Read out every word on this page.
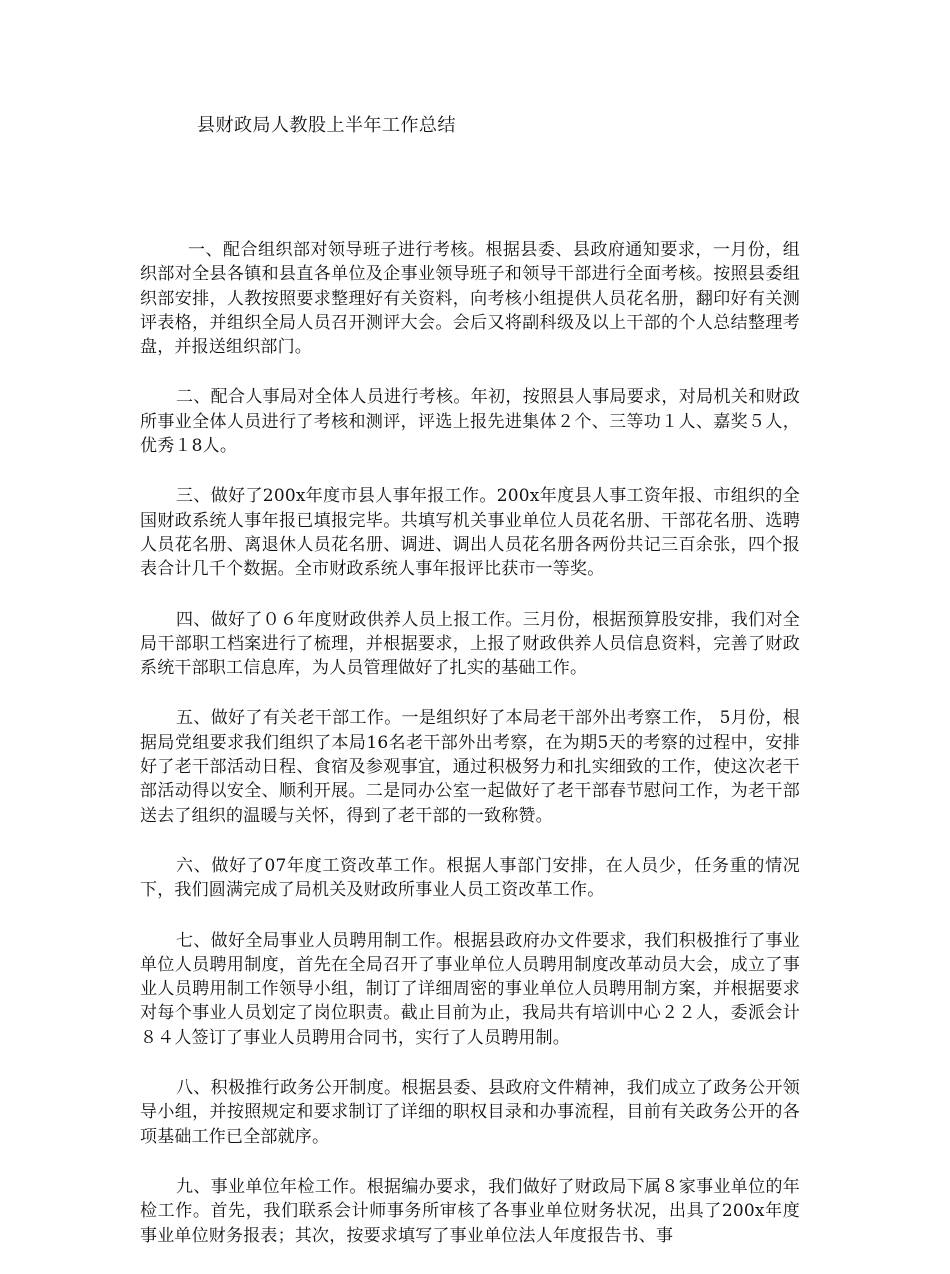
县财政局人教股上半年工作总结

一、配合组织部对领导班子进行考核。根据县委、县政府通知要求，一月份，组织部对全县各镇和县直各单位及企事业领导班子和领导干部进行全面考核。按照县委组织部安排，人教按照要求整理好有关资料，向考核小组提供人员花名册，翻印好有关测评表格，并组织全局人员召开测评大会。会后又将副科级及以上干部的个人总结整理考盘，并报送组织部门。

二、配合人事局对全体人员进行考核。年初，按照县人事局要求，对局机关和财政所事业全体人员进行了考核和测评，评选上报先进集体２个、三等功１人、嘉奖５人，优秀１8人。

三、做好了200x年度市县人事年报工作。200x年度县人事工资年报、市组织的全国财政系统人事年报已填报完毕。共填写机关事业单位人员花名册、干部花名册、选聘人员花名册、离退休人员花名册、调进、调出人员花名册各两份共记三百余张，四个报表合计几千个数据。全市财政系统人事年报评比获市一等奖。

四、做好了０６年度财政供养人员上报工作。三月份，根据预算股安排，我们对全局干部职工档案进行了梳理，并根据要求，上报了财政供养人员信息资料，完善了财政系统干部职工信息库，为人员管理做好了扎实的基础工作。

五、做好了有关老干部工作。一是组织好了本局老干部外出考察工作， 5月份，根据局党组要求我们组织了本局16名老干部外出考察，在为期5天的考察的过程中，安排好了老干部活动日程、食宿及参观事宜，通过积极努力和扎实细致的工作，使这次老干部活动得以安全、顺利开展。二是同办公室一起做好了老干部春节慰问工作，为老干部送去了组织的温暖与关怀，得到了老干部的一致称赞。

六、做好了07年度工资改革工作。根据人事部门安排，在人员少，任务重的情况下，我们圆满完成了局机关及财政所事业人员工资改革工作。

七、做好全局事业人员聘用制工作。根据县政府办文件要求，我们积极推行了事业单位人员聘用制度，首先在全局召开了事业单位人员聘用制度改革动员大会，成立了事业人员聘用制工作领导小组，制订了详细周密的事业单位人员聘用制方案，并根据要求对每个事业人员划定了岗位职责。截止目前为止，我局共有培训中心２２人，委派会计８４人签订了事业人员聘用合同书，实行了人员聘用制。

八、积极推行政务公开制度。根据县委、县政府文件精神，我们成立了政务公开领导小组，并按照规定和要求制订了详细的职权目录和办事流程，目前有关政务公开的各项基础工作已全部就序。

九、事业单位年检工作。根据编办要求，我们做好了财政局下属８家事业单位的年检工作。首先，我们联系会计师事务所审核了各事业单位财务状况，出具了200x年度事业单位财务报表；其次，按要求填写了事业单位法人年度报告书、事
